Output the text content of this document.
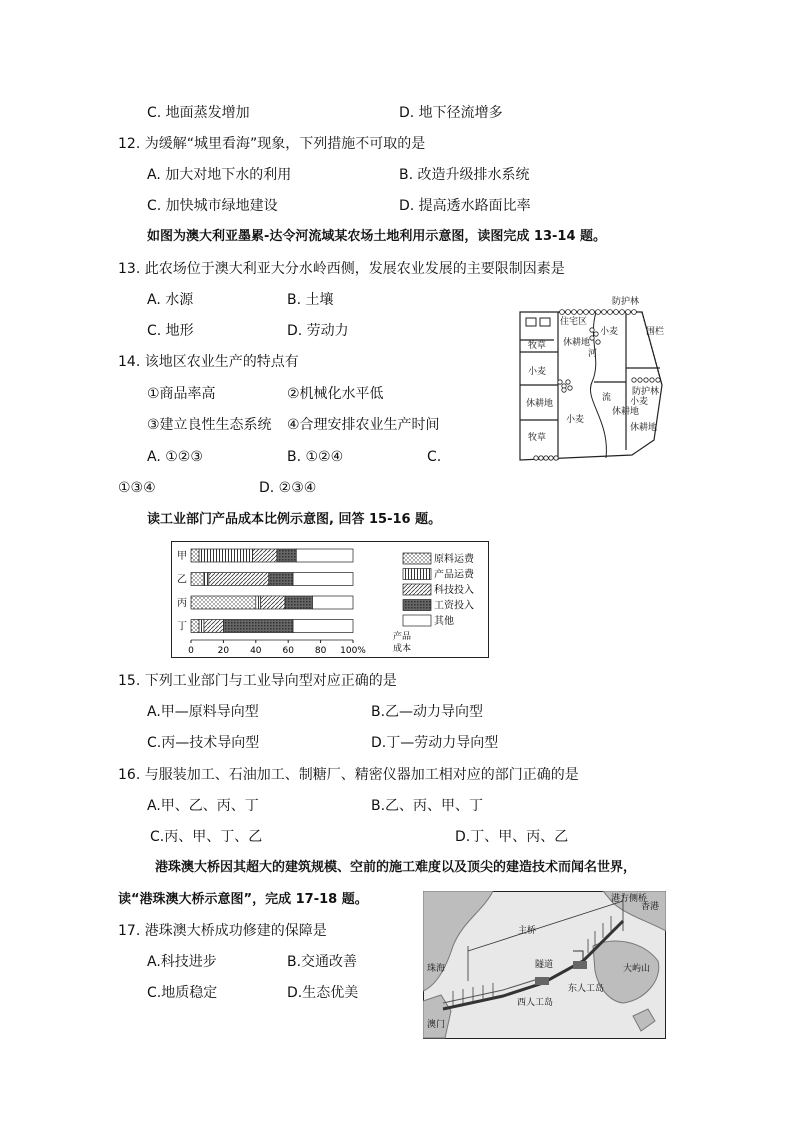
C. 地面蒸发增加	D. 地下径流增多
12. 为缓解“城里看海”现象，下列措施不可取的是
A. 加大对地下水的利用	B. 改造升级排水系统
C. 加快城市绿地建设	D. 提高透水路面比率
如图为澳大利亚墨累-达令河流域某农场土地利用示意图，读图完成 13-14 题。
13. 此农场位于澳大利亚大分水岭西侧，发展农业发展的主要限制因素是
A. 水源	B. 土壤
C. 地形	D. 劳动力
14. 该地区农业生产的特点有
①商品率高	②机械化水平低
③建立良性生态系统 ④合理安排农业生产时间
A. ①②③	B. ①②④	C.
①③④	D. ②③④
防护林
住宅区
牧草 休耕地
小麦
河
围栏
小麦
防护林
休耕地
流
小麦
休耕地
小麦
牧草
休耕地
读工业部门产品成本比例示意图, 回答 15-16 题。
甲
乙
丙
丁
0	20 40 60 80 100%
产品
成本
原料运费
产品运费
科技投入
工资投入
其他
15. 下列工业部门与工业导向型对应正确的是
A.甲—原料导向型	B.乙—动力导向型
C.丙—技术导向型	D.丁—劳动力导向型
16. 与服装加工、石油加工、制糖厂、精密仪器加工相对应的部门正确的是
A.甲、乙、丙、丁	B.乙、丙、甲、丁
C.丙、甲、丁、乙	D.丁、甲、丙、乙
港珠澳大桥因其超大的建筑规模、空前的施工难度以及顶尖的建造技术而闻名世界，
读“港珠澳大桥示意图”，完成 17-18 题。
17. 港珠澳大桥成功修建的保障是
A.科技进步	B.交通改善
C.地质稳定	D.生态优美
港方侧桥
香港
主桥
珠海	隧道	大屿山
东人工岛
澳门
西人工岛
